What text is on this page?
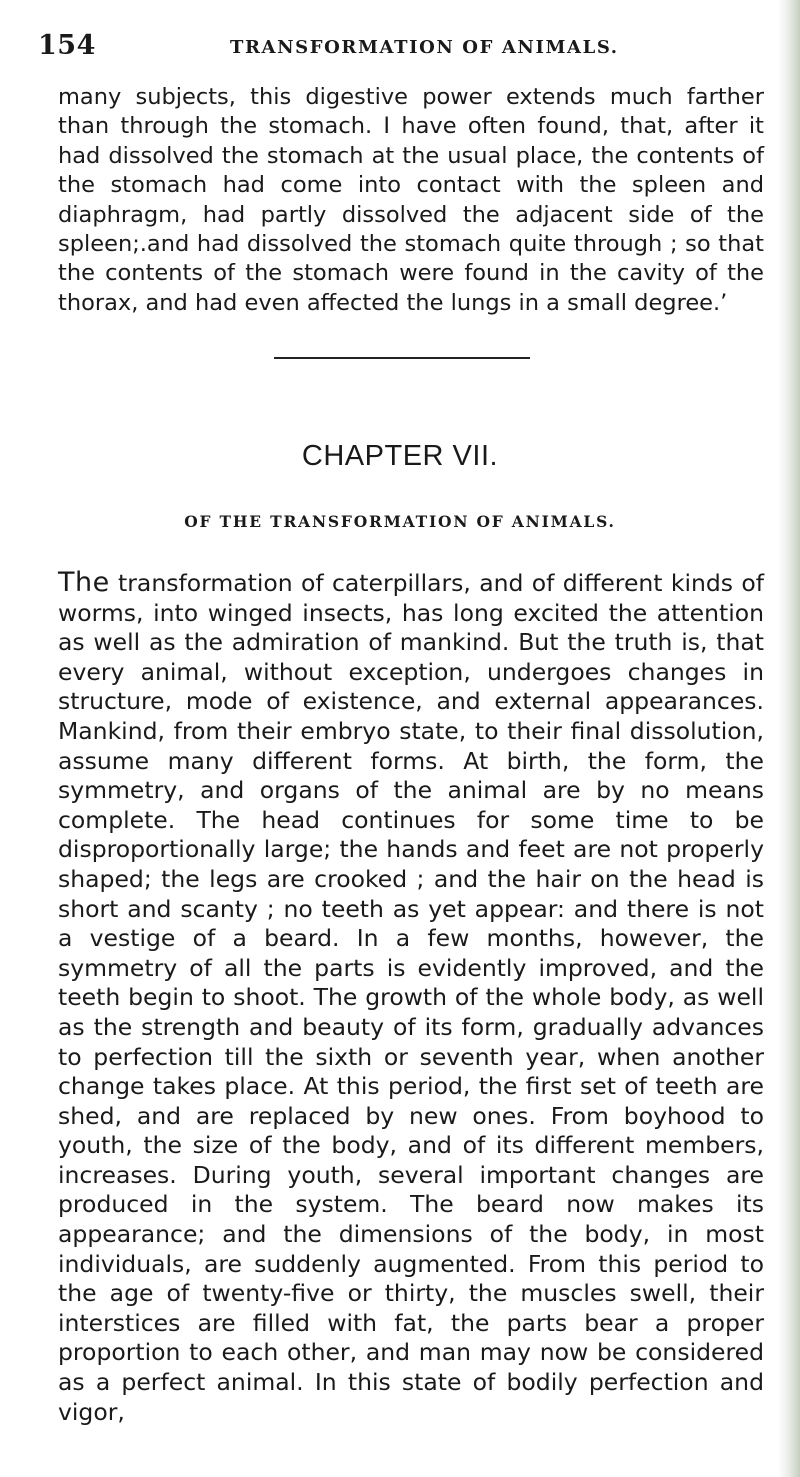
154	TRANSFORMATION OF ANIMALS.

many subjects, this digestive power extends much farther than through the stomach. I have often found, that, after it had dissolved the stomach at the usual place, the contents of the stomach had come into contact with the spleen and diaphragm, had partly dissolved the adjacent side of the spleen;.and had dissolved the stomach quite through ; so that the contents of the stomach were found in the cavity of the thorax, and had even affected the lungs in a small degree.’

CHAPTER VII.
OF THE TRANSFORMATION OF ANIMALS.

The transformation of caterpillars, and of different kinds of worms, into winged insects, has long excited the attention as well as the admiration of mankind. But the truth is, that every animal, without exception, undergoes changes in structure, mode of existence, and external appearances. Mankind, from their embryo state, to their final dissolution, assume many different forms. At birth, the form, the symmetry, and organs of the animal are by no means complete. The head continues for some time to be disproportionally large; the hands and feet are not properly shaped; the legs are crooked ; and the hair on the head is short and scanty ; no teeth as yet appear: and there is not a vestige of a beard. In a few months, however, the symmetry of all the parts is evidently improved, and the teeth begin to shoot. The growth of the whole body, as well as the strength and beauty of its form, gradually advances to perfection till the sixth or seventh year, when another change takes place. At this period, the first set of teeth are shed, and are replaced by new ones. From boyhood to youth, the size of the body, and of its different members, increases. During youth, several important changes are produced in the system. The beard now makes its appearance; and the dimensions of the body, in most individuals, are suddenly augmented. From this period to the age of twenty-five or thirty, the muscles swell, their interstices are filled with fat, the parts bear a proper proportion to each other, and man may now be considered as a perfect animal. In this state of bodily perfection and vigor,
